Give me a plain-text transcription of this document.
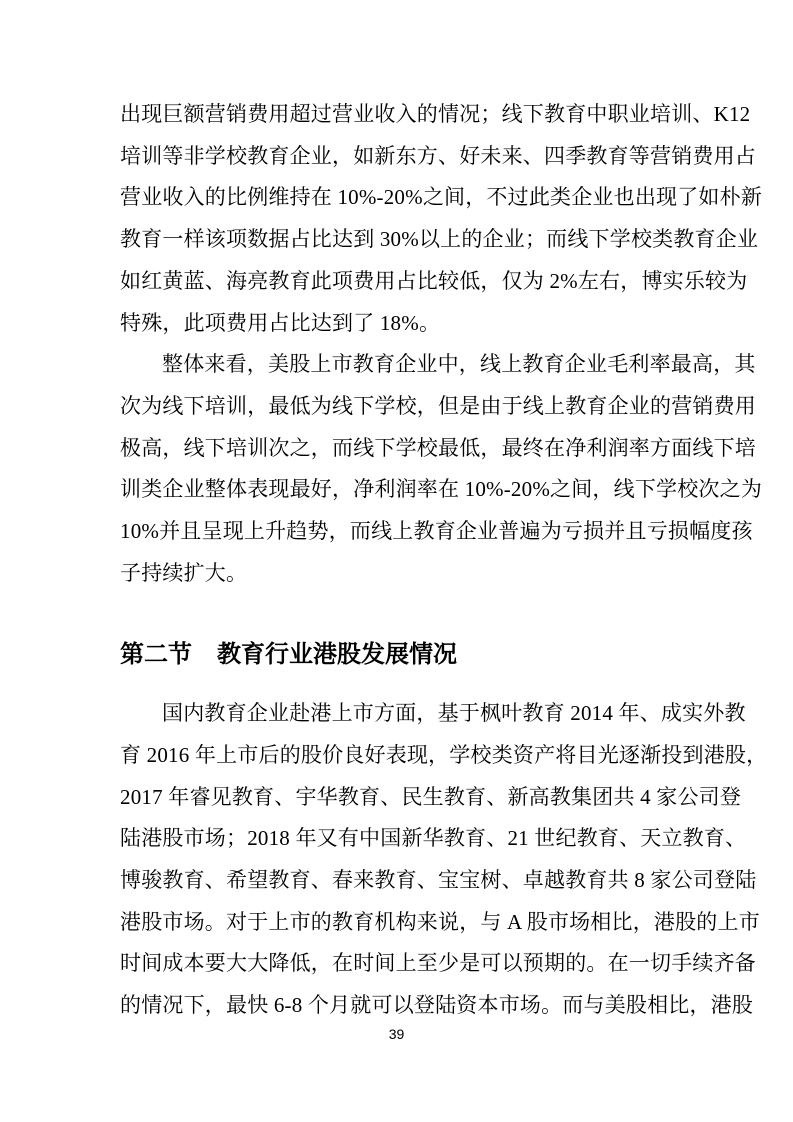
出现巨额营销费用超过营业收入的情况；线下教育中职业培训、K12
培训等非学校教育企业，如新东方、好未来、四季教育等营销费用占
营业收入的比例维持在 10%-20%之间，不过此类企业也出现了如朴新
教育一样该项数据占比达到 30%以上的企业；而线下学校类教育企业
如红黄蓝、海亮教育此项费用占比较低，仅为 2%左右，博实乐较为
特殊，此项费用占比达到了 18%。
整体来看，美股上市教育企业中，线上教育企业毛利率最高，其
次为线下培训，最低为线下学校，但是由于线上教育企业的营销费用
极高，线下培训次之，而线下学校最低，最终在净利润率方面线下培
训类企业整体表现最好，净利润率在 10%-20%之间，线下学校次之为
10%并且呈现上升趋势，而线上教育企业普遍为亏损并且亏损幅度孩
子持续扩大。
第二节 教育行业港股发展情况
国内教育企业赴港上市方面，基于枫叶教育 2014 年、成实外教
育 2016 年上市后的股价良好表现，学校类资产将目光逐渐投到港股，
2017 年睿见教育、宇华教育、民生教育、新高教集团共 4 家公司登
陆港股市场；2018 年又有中国新华教育、21 世纪教育、天立教育、
博骏教育、希望教育、春来教育、宝宝树、卓越教育共 8 家公司登陆
港股市场。对于上市的教育机构来说，与 A 股市场相比，港股的上市
时间成本要大大降低，在时间上至少是可以预期的。在一切手续齐备
的情况下，最快 6-8 个月就可以登陆资本市场。而与美股相比，港股
39
